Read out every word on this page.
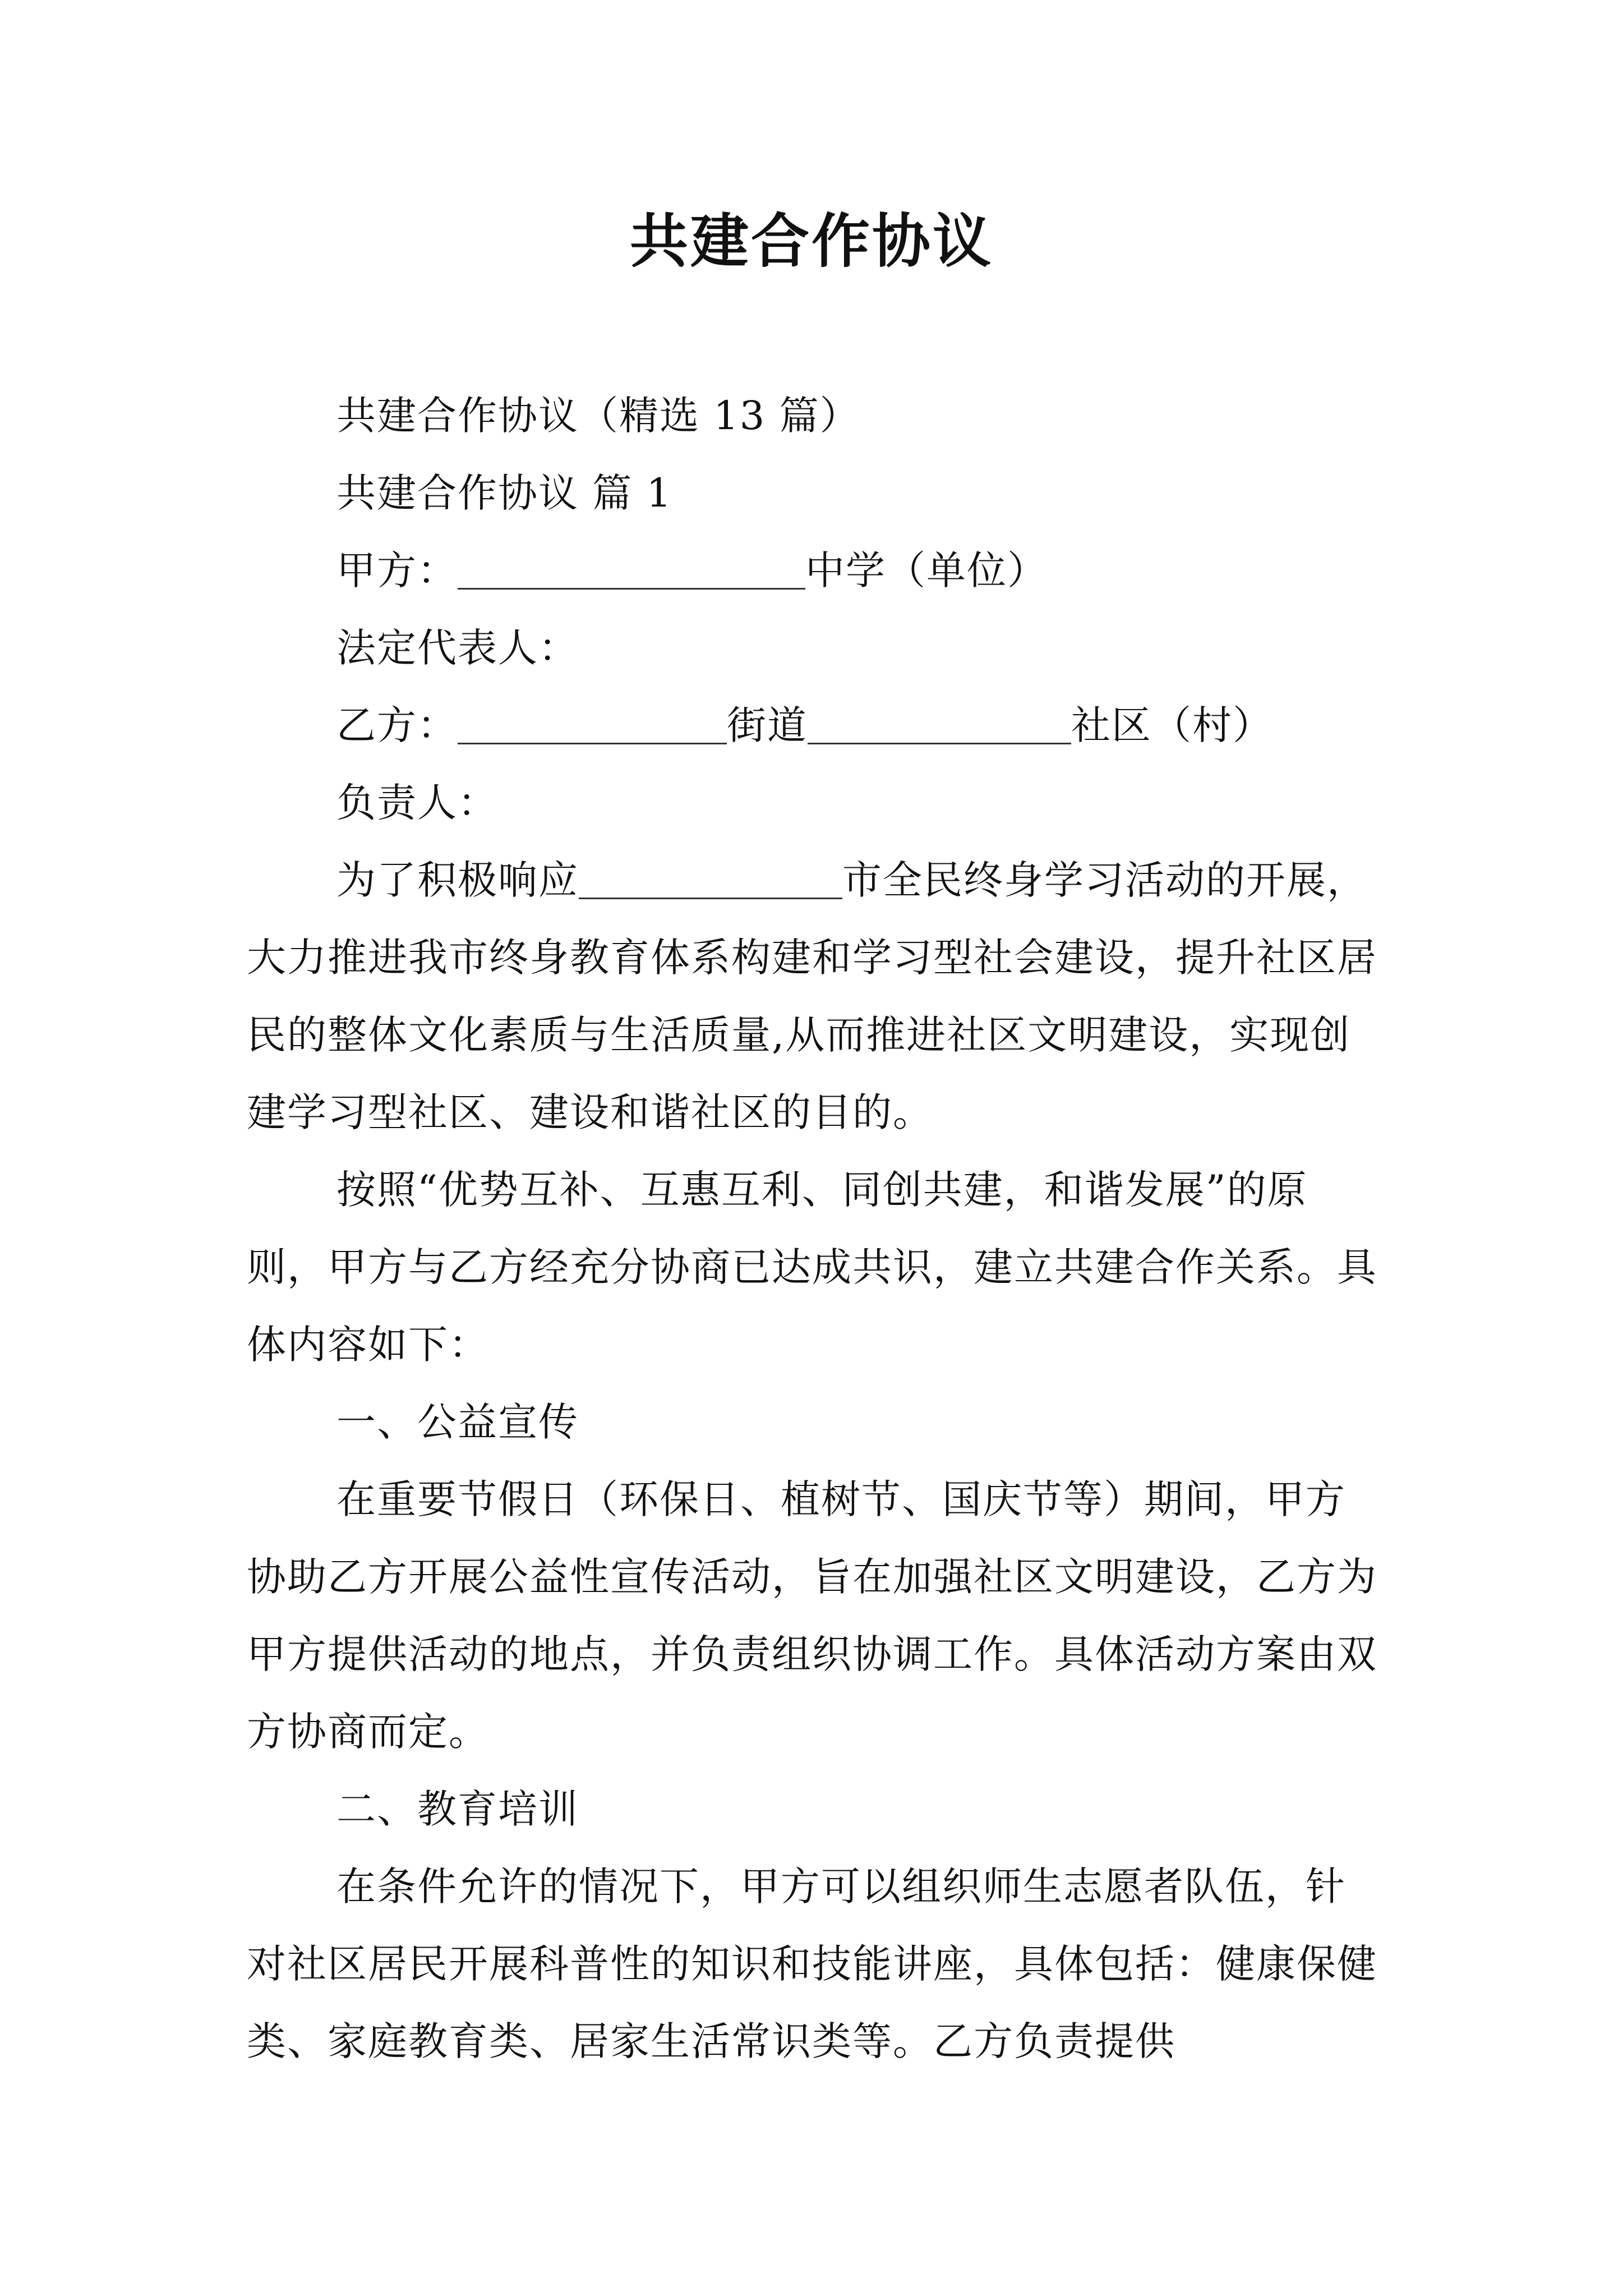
共建合作协议

共建合作协议（精选 13 篇）

共建合作协议 篇 1

甲方：	中学（单位）

法定代表人：

乙方：	街道	社区（村）

负责人：

为了积极响应	市全民终身学习活动的开展，大力推进我市终身教育体系构建和学习型社会建设，提升社区居民的整体文化素质与生活质量,从而推进社区文明建设，实现创建学习型社区、建设和谐社区的目的。

按照“优势互补、互惠互利、同创共建，和谐发展”的原则，甲方与乙方经充分协商已达成共识，建立共建合作关系。具体内容如下：

一、公益宣传

在重要节假日（环保日、植树节、国庆节等）期间，甲方协助乙方开展公益性宣传活动，旨在加强社区文明建设，乙方为甲方提供活动的地点，并负责组织协调工作。具体活动方案由双方协商而定。

二、教育培训

在条件允许的情况下，甲方可以组织师生志愿者队伍，针对社区居民开展科普性的知识和技能讲座，具体包括：健康保健类、家庭教育类、居家生活常识类等。乙方负责提供
